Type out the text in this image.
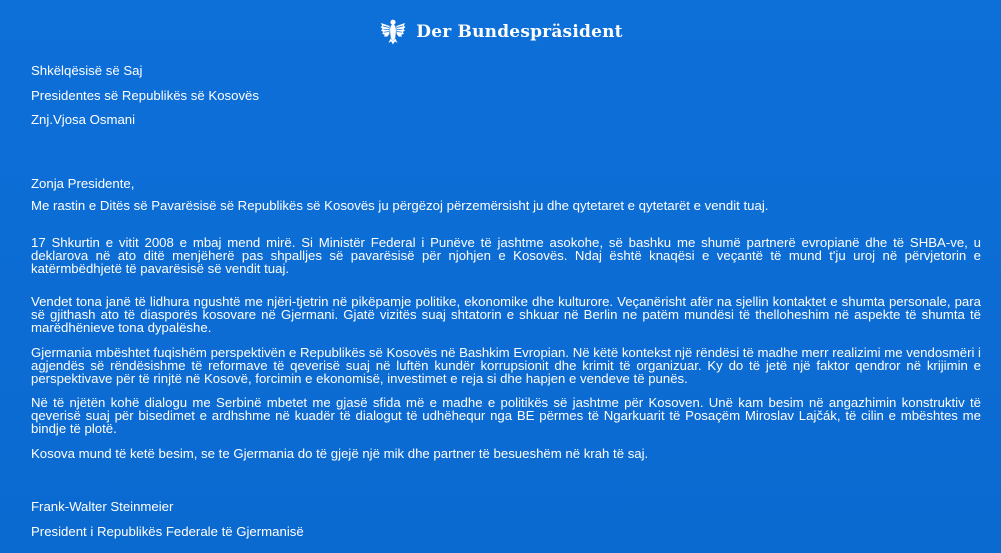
Der Bundespräsident
Shkëlqësisë së Saj
Presidentes së Republikës së Kosovës
Znj.Vjosa Osmani
Zonja Presidente,

Me rastin e Ditës së Pavarësisë së Republikës së Kosovës ju përgëzoj përzemërsisht ju dhe qytetaret e qytetarët e vendit tuaj.

17 Shkurtin e vitit 2008 e mbaj mend mirë. Si Ministër Federal i Punëve të jashtme asokohe, së bashku me shumë partnerë evropianë dhe të SHBA-ve, u deklarova në ato ditë menjëherë pas shpalljes së pavarësisë për njohjen e Kosovës. Ndaj është knaqësi e veçantë të mund t'ju uroj në përvjetorin e katërmbëdhjetë të pavarësisë së vendit tuaj.

Vendet tona janë të lidhura ngushtë me njëri-tjetrin në pikëpamje politike, ekonomike dhe kulturore. Veçanërisht afër na sjellin kontaktet e shumta personale, para së gjithash ato të diasporës kosovare në Gjermani. Gjatë vizitës suaj shtatorin e shkuar në Berlin ne patëm mundësi të thelloheshim në aspekte të shumta të marëdhënieve tona dypalëshe.

Gjermania mbështet fuqishëm perspektivën e Republikës së Kosovës në Bashkim Evropian. Në këtë kontekst një rëndësi të madhe merr realizimi me vendosmëri i agjendës së rëndësishme të reformave të qeverisë suaj në luftën kundër korrupsionit dhe krimit të organizuar. Ky do të jetë një faktor qendror në krijimin e perspektivave për të rinjtë në Kosovë, forcimin e ekonomisë, investimet e reja si dhe hapjen e vendeve të punës.

Në të njëtën kohë dialogu me Serbinë mbetet me gjasë sfida më e madhe e politikës së jashtme për Kosoven. Unë kam besim në angazhimin konstruktiv të qeverisë suaj për bisedimet e ardhshme në kuadër të dialogut të udhëhequr nga BE përmes të Ngarkuarit të Posaçëm Miroslav Lajčák, të cilin e mbështes me bindje të plotë.

Kosova mund të ketë besim, se te Gjermania do të gjejë një mik dhe partner të besueshëm në krah të saj.

Frank-Walter Steinmeier
President i Republikës Federale të Gjermanisë
